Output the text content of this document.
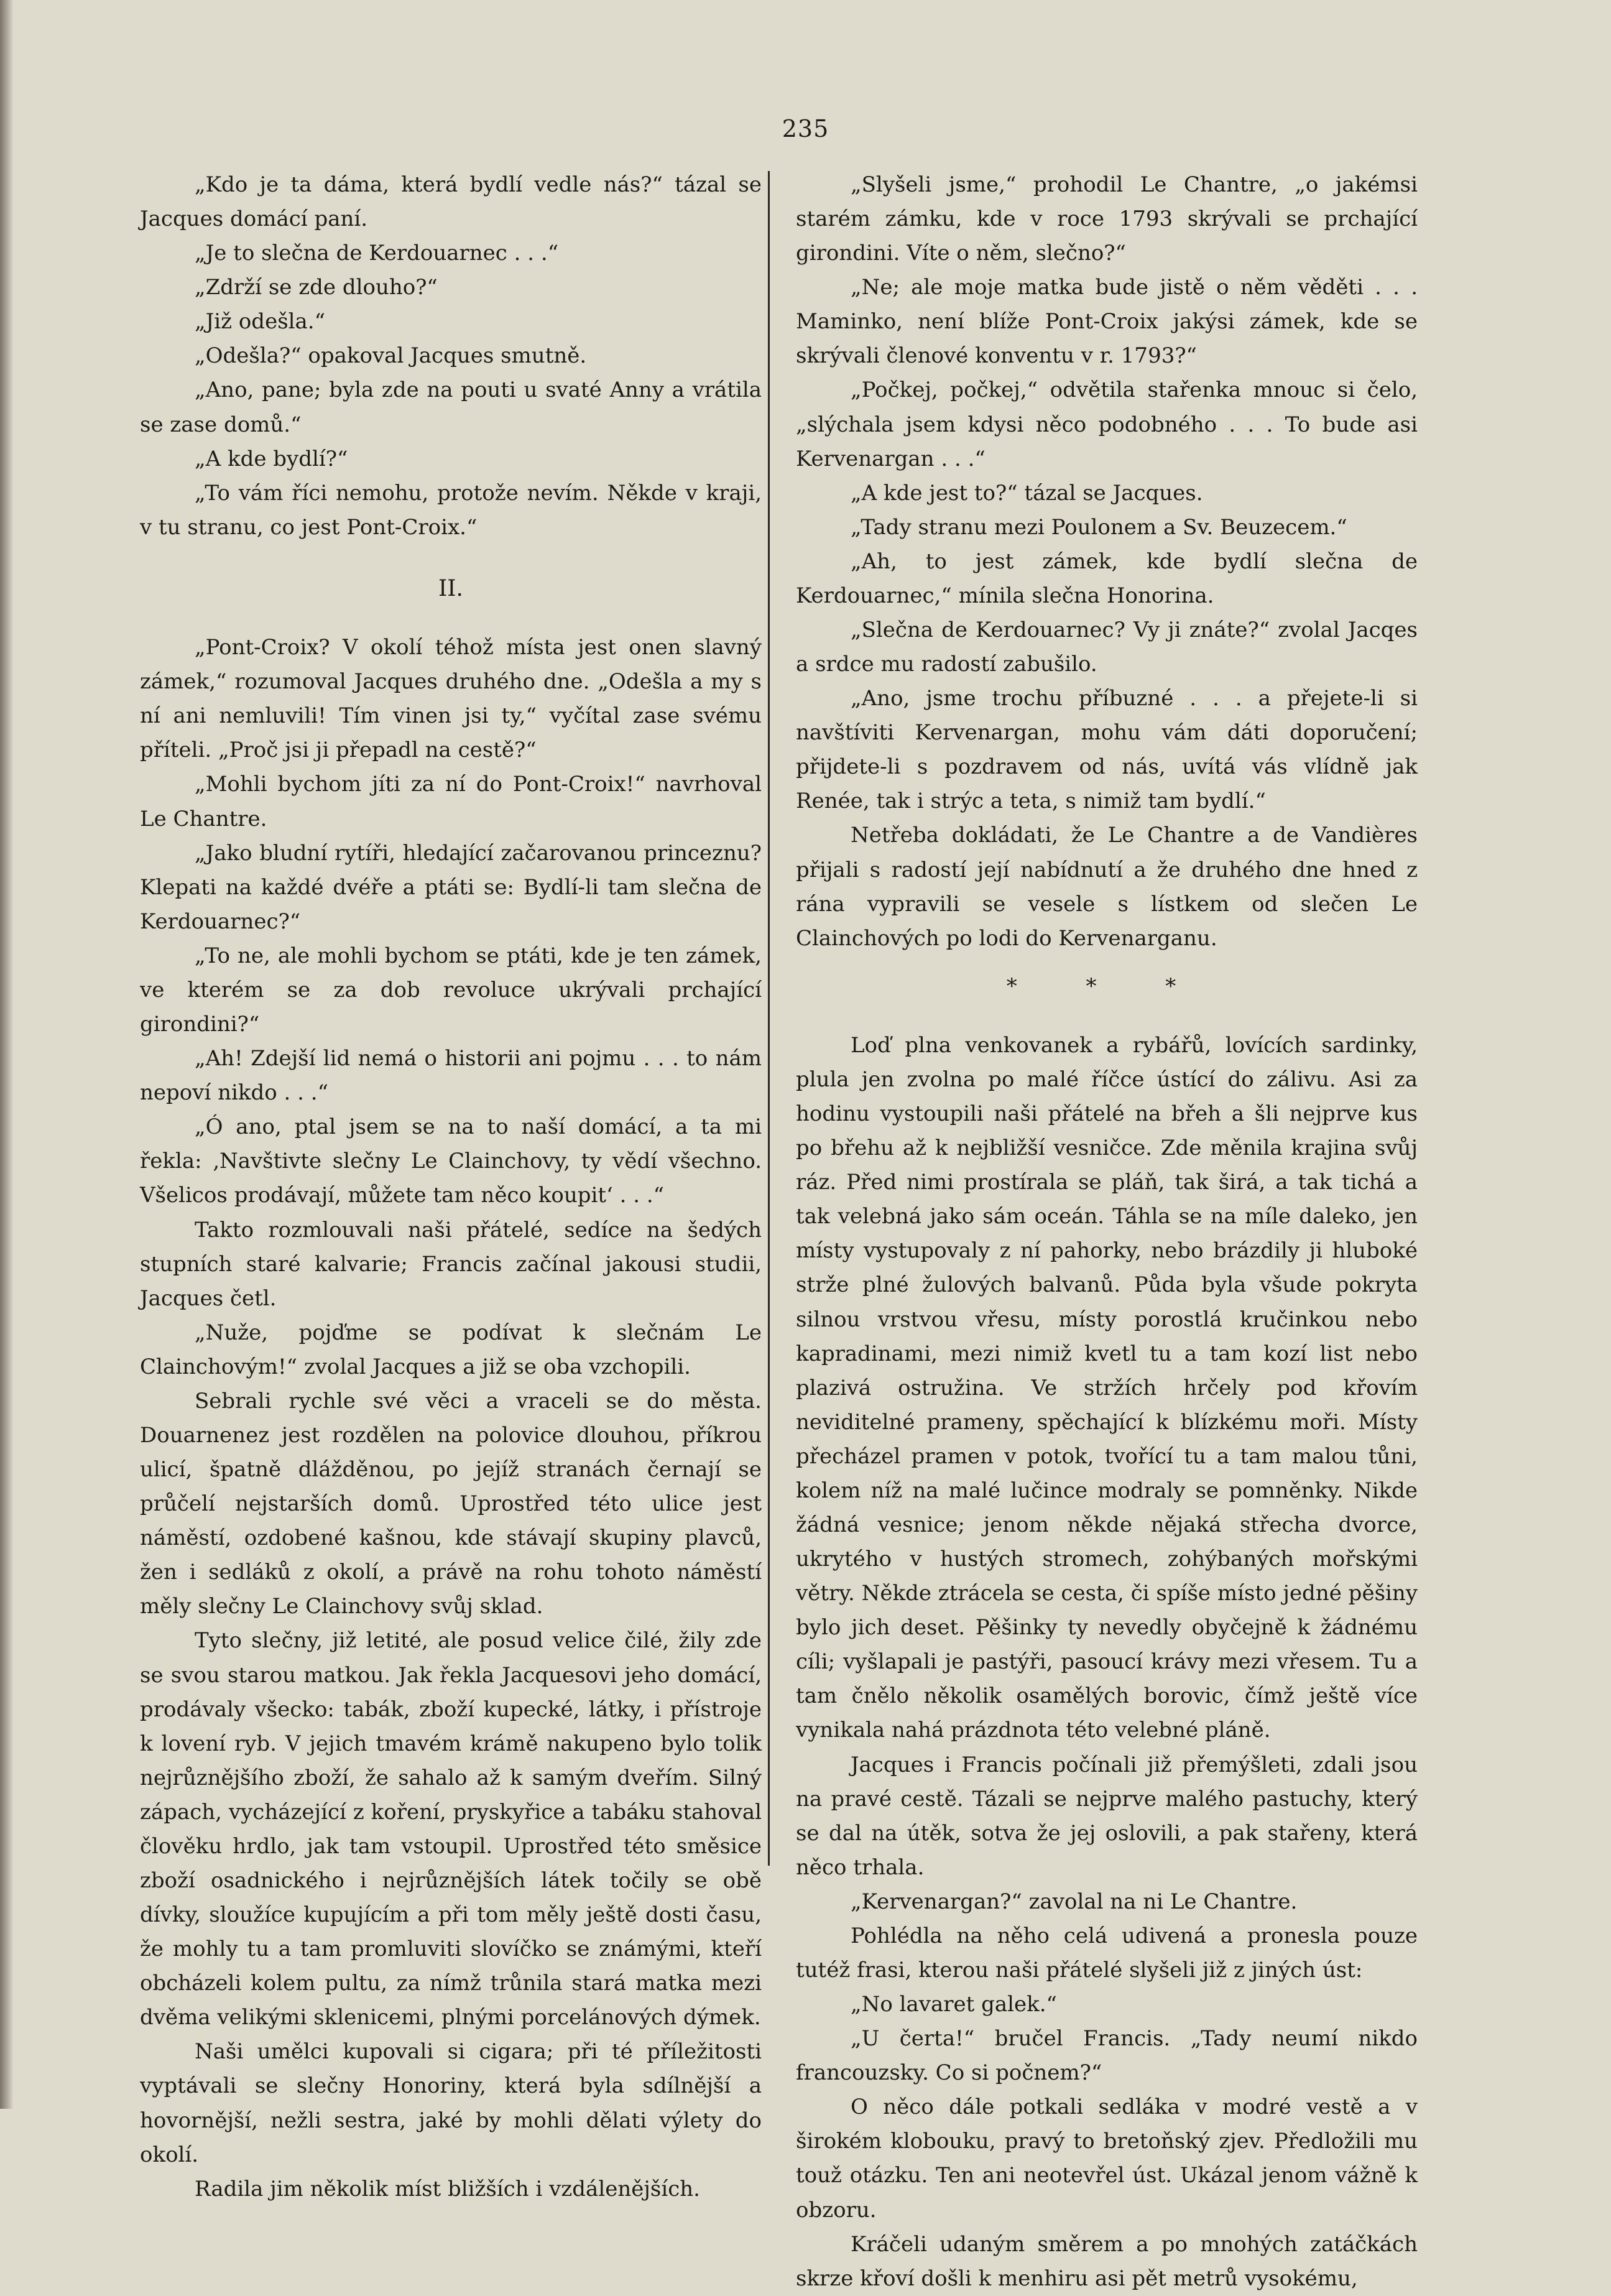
235

„Kdo je ta dáma, která bydlí vedle nás?“ tázal se Jacques domácí paní.

„Je to slečna de Kerdouarnec . . .“

„Zdrží se zde dlouho?“

„Již odešla.“

„Odešla?“ opakoval Jacques smutně.

„Ano, pane; byla zde na pouti u svaté Anny a vrátila se zase domů.“

„A kde bydlí?“

„To vám říci nemohu, protože nevím. Někde v kraji, v tu stranu, co jest Pont-Croix.“

II.

„Pont-Croix? V okolí téhož místa jest onen slavný zámek,“ rozumoval Jacques druhého dne. „Odešla a my s ní ani nemluvili! Tím vinen jsi ty,“ vyčítal zase svému příteli. „Proč jsi ji přepadl na cestě?“

„Mohli bychom jíti za ní do Pont-Croix!“ navrhoval Le Chantre.

„Jako bludní rytíři, hledající začarovanou princeznu? Klepati na každé dvéře a ptáti se: Bydlí-li tam slečna de Kerdouarnec?“

„To ne, ale mohli bychom se ptáti, kde je ten zámek, ve kterém se za dob revoluce ukrývali prchající girondini?“

„Ah! Zdejší lid nemá o historii ani pojmu . . . to nám nepoví nikdo . . .“

„Ó ano, ptal jsem se na to naší domácí, a ta mi řekla: ‚Navštivte slečny Le Clainchovy, ty vědí všechno. Všelicos prodávají, můžete tam něco koupit‘ . . .“

Takto rozmlouvali naši přátelé, sedíce na šedých stupních staré kalvarie; Francis začínal jakousi studii, Jacques četl.

„Nuže, pojďme se podívat k slečnám Le Clainchovým!“ zvolal Jacques a již se oba vzchopili.

Sebrali rychle své věci a vraceli se do města. Douarnenez jest rozdělen na polovice dlouhou, příkrou ulicí, špatně dlážděnou, po jejíž stranách černají se průčelí nejstarších domů. Uprostřed této ulice jest náměstí, ozdobené kašnou, kde stávají skupiny plavců, žen i sedláků z okolí, a právě na rohu tohoto náměstí měly slečny Le Clainchovy svůj sklad.

Tyto slečny, již letité, ale posud velice čilé, žily zde se svou starou matkou. Jak řekla Jacquesovi jeho domácí, prodávaly všecko: tabák, zboží kupecké, látky, i přístroje k lovení ryb. V jejich tmavém krámě nakupeno bylo tolik nejrůznějšího zboží, že sahalo až k samým dveřím. Silný zápach, vycházející z koření, pryskyřice a tabáku stahoval člověku hrdlo, jak tam vstoupil. Uprostřed této směsice zboží osadnického i nejrůznějších látek točily se obě dívky, sloužíce kupujícím a při tom měly ještě dosti času, že mohly tu a tam promluviti slovíčko se známými, kteří obcházeli kolem pultu, za nímž trůnila stará matka mezi dvěma velikými sklenicemi, plnými porcelánových dýmek.

Naši umělci kupovali si cigara; při té příležitosti vyptávali se slečny Honoriny, která byla sdílnější a hovornější, nežli sestra, jaké by mohli dělati výlety do okolí.

Radila jim několik míst bližších i vzdálenějších.

„Slyšeli jsme,“ prohodil Le Chantre, „o jakémsi starém zámku, kde v roce 1793 skrývali se prchající girondini. Víte o něm, slečno?“

„Ne; ale moje matka bude jistě o něm věděti . . . Maminko, není blíže Pont-Croix jakýsi zámek, kde se skrývali členové konventu v r. 1793?“

„Počkej, počkej,“ odvětila stařenka mnouc si čelo, „slýchala jsem kdysi něco podobného . . . To bude asi Kervenargan . . .“

„A kde jest to?“ tázal se Jacques.

„Tady stranu mezi Poulonem a Sv. Beuzecem.“

„Ah, to jest zámek, kde bydlí slečna de Kerdouarnec,“ mínila slečna Honorina.

„Slečna de Kerdouarnec? Vy ji znáte?“ zvolal Jacqes a srdce mu radostí zabušilo.

„Ano, jsme trochu příbuzné . . . a přejete-li si navštíviti Kervenargan, mohu vám dáti doporučení; přijdete-li s pozdravem od nás, uvítá vás vlídně jak Renée, tak i strýc a teta, s nimiž tam bydlí.“

Netřeba dokládati, že Le Chantre a de Vandières přijali s radostí její nabídnutí a že druhého dne hned z rána vypravili se vesele s lístkem od slečen Le Clainchových po lodi do Kervenarganu.

* * *

Loď plna venkovanek a rybářů, lovících sardinky, plula jen zvolna po malé říčce ústící do zálivu. Asi za hodinu vystoupili naši přátelé na břeh a šli nejprve kus po břehu až k nejbližší vesničce. Zde měnila krajina svůj ráz. Před nimi prostírala se pláň, tak širá, a tak tichá a tak velebná jako sám oceán. Táhla se na míle daleko, jen místy vystupovaly z ní pahorky, nebo brázdily ji hluboké strže plné žulových balvanů. Půda byla všude pokryta silnou vrstvou vřesu, místy porostlá kručinkou nebo kapradinami, mezi nimiž kvetl tu a tam kozí list nebo plazivá ostružina. Ve stržích hrčely pod křovím neviditelné prameny, spěchající k blízkému moři. Místy přecházel pramen v potok, tvořící tu a tam malou tůni, kolem níž na malé lučince modraly se pomněnky. Nikde žádná vesnice; jenom někde nějaká střecha dvorce, ukrytého v hustých stromech, zohýbaných mořskými větry. Někde ztrácela se cesta, či spíše místo jedné pěšiny bylo jich deset. Pěšinky ty nevedly obyčejně k žádnému cíli; vyšlapali je pastýři, pasoucí krávy mezi vřesem. Tu a tam čnělo několik osamělých borovic, čímž ještě více vynikala nahá prázdnota této velebné pláně.

Jacques i Francis počínali již přemýšleti, zdali jsou na pravé cestě. Tázali se nejprve malého pastuchy, který se dal na útěk, sotva že jej oslovili, a pak stařeny, která něco trhala.

„Kervenargan?“ zavolal na ni Le Chantre.

Pohlédla na něho celá udivená a pronesla pouze tutéž frasi, kterou naši přátelé slyšeli již z jiných úst:

„No lavaret galek.“

„U čerta!“ bručel Francis. „Tady neumí nikdo francouzsky. Co si počnem?“

O něco dále potkali sedláka v modré vestě a v širokém klobouku, pravý to bretoňský zjev. Předložili mu touž otázku. Ten ani neotevřel úst. Ukázal jenom vážně k obzoru.

Kráčeli udaným směrem a po mnohých zatáčkách skrze křoví došli k menhiru asi pět metrů vysokému,
